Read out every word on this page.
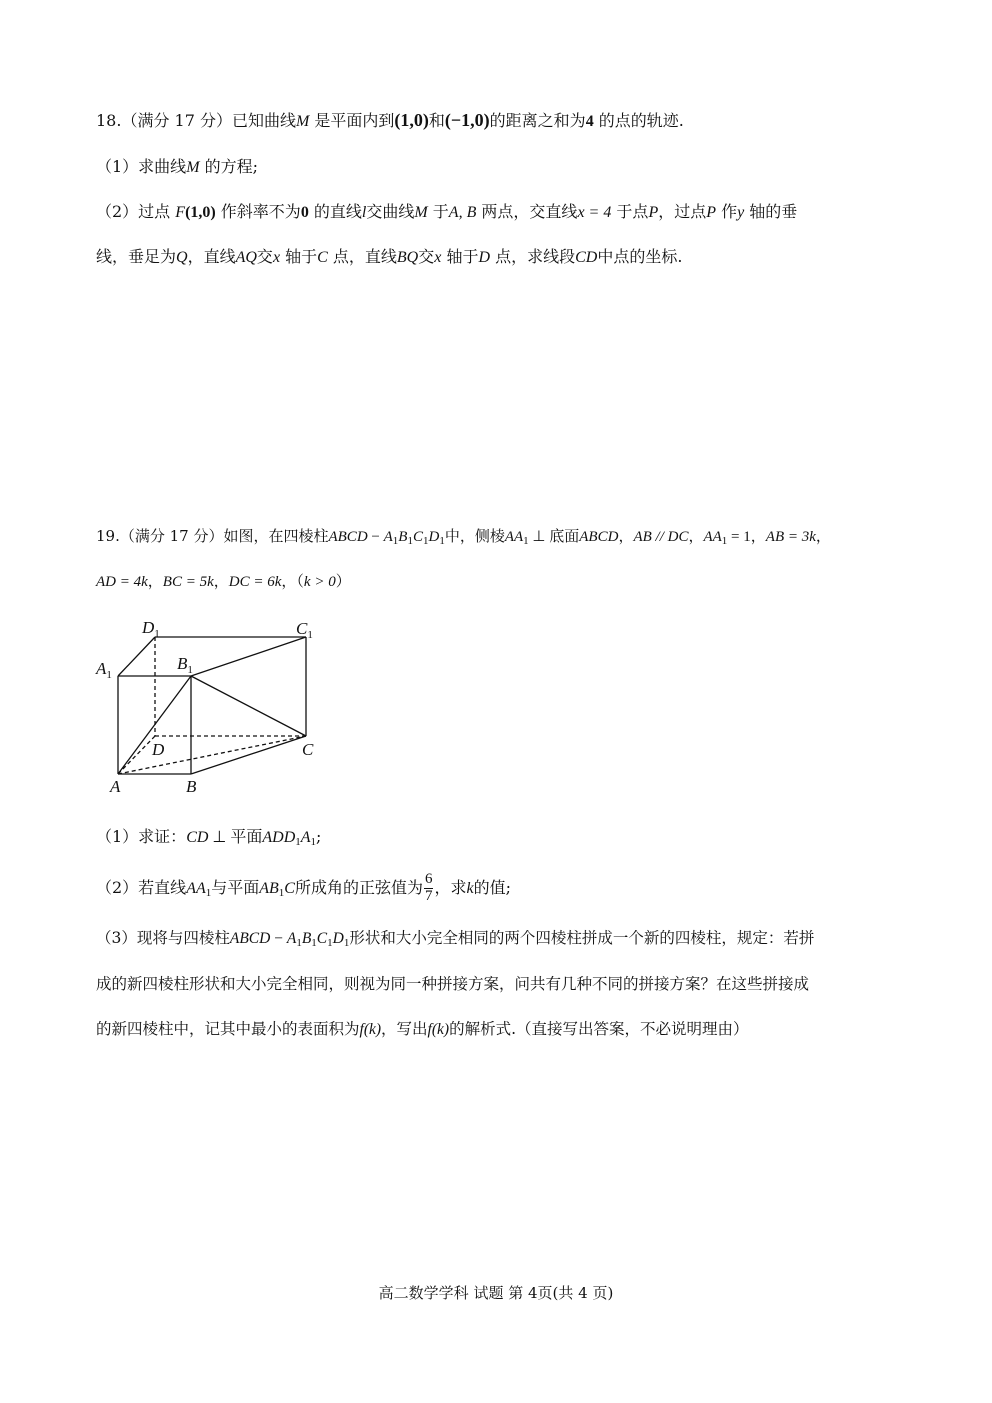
18.（满分 17 分）已知曲线M 是平面内到(1,0)和(−1,0)的距离之和为4 的点的轨迹.
（1）求曲线M 的方程;
（2）过点 F(1,0) 作斜率不为0 的直线l交曲线M 于A, B 两点，交直线x = 4 于点P，过点P 作y 轴的垂
线，垂足为Q，直线AQ交x 轴于C 点，直线BQ交x 轴于D 点，求线段CD中点的坐标.
19.（满分 17 分）如图，在四棱柱ABCD − $A_1B_1C_1D_1$中，侧棱$AA_1$ ⊥ 底面ABCD，AB // DC，$AA_1 = 1$，AB = 3k，
AD = 4k，BC = 5k，DC = 6k，（k > 0）
$D_1$	$C_1$
$A_1$
$B_1$
D	C
A	B
（1）求证：CD ⊥ 平面ADD1A1;
（2）若直线AA1与平面AB1C所成角的正弦值为 $\frac{6}{7}$ ，求k的值;
（3）现将与四棱柱ABCD − A1B1C1D1形状和大小完全相同的两个四棱柱拼成一个新的四棱柱，规定：若拼
成的新四棱柱形状和大小完全相同，则视为同一种拼接方案，问共有几种不同的拼接方案？在这些拼接成
的新四棱柱中，记其中最小的表面积为f(k)，写出f(k)的解析式.（直接写出答案，不必说明理由）
高二数学学科 试题 第 4页(共 4 页)
